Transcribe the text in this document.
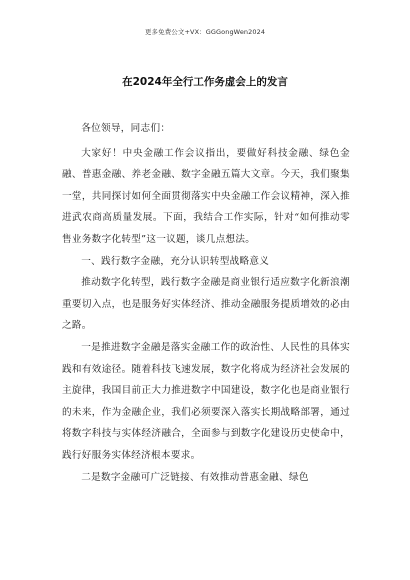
更多免费公文+VX：GGGongWen2024
在2024年全行工作务虚会上的发言

各位领导，同志们：

大家好！中央金融工作会议指出，要做好科技金融、绿色金融、普惠金融、养老金融、数字金融五篇大文章。今天，我们聚集一堂，共同探讨如何全面贯彻落实中央金融工作会议精神，深入推进武农商高质量发展。下面，我结合工作实际，针对“如何推动零售业务数字化转型”这一议题，谈几点想法。

一、践行数字金融，充分认识转型战略意义

推动数字化转型，践行数字金融是商业银行适应数字化新浪潮重要切入点，也是服务好实体经济、推动金融服务提质增效的必由之路。

一是推进数字金融是落实金融工作的政治性、人民性的具体实践和有效途径。随着科技飞速发展，数字化将成为经济社会发展的主旋律，我国目前正大力推进数字中国建设，数字化也是商业银行的未来，作为金融企业，我们必须要深入落实长期战略部署，通过将数字科技与实体经济融合，全面参与到数字化建设历史使命中，践行好服务实体经济根本要求。

二是数字金融可广泛链接、有效推动普惠金融、绿色
